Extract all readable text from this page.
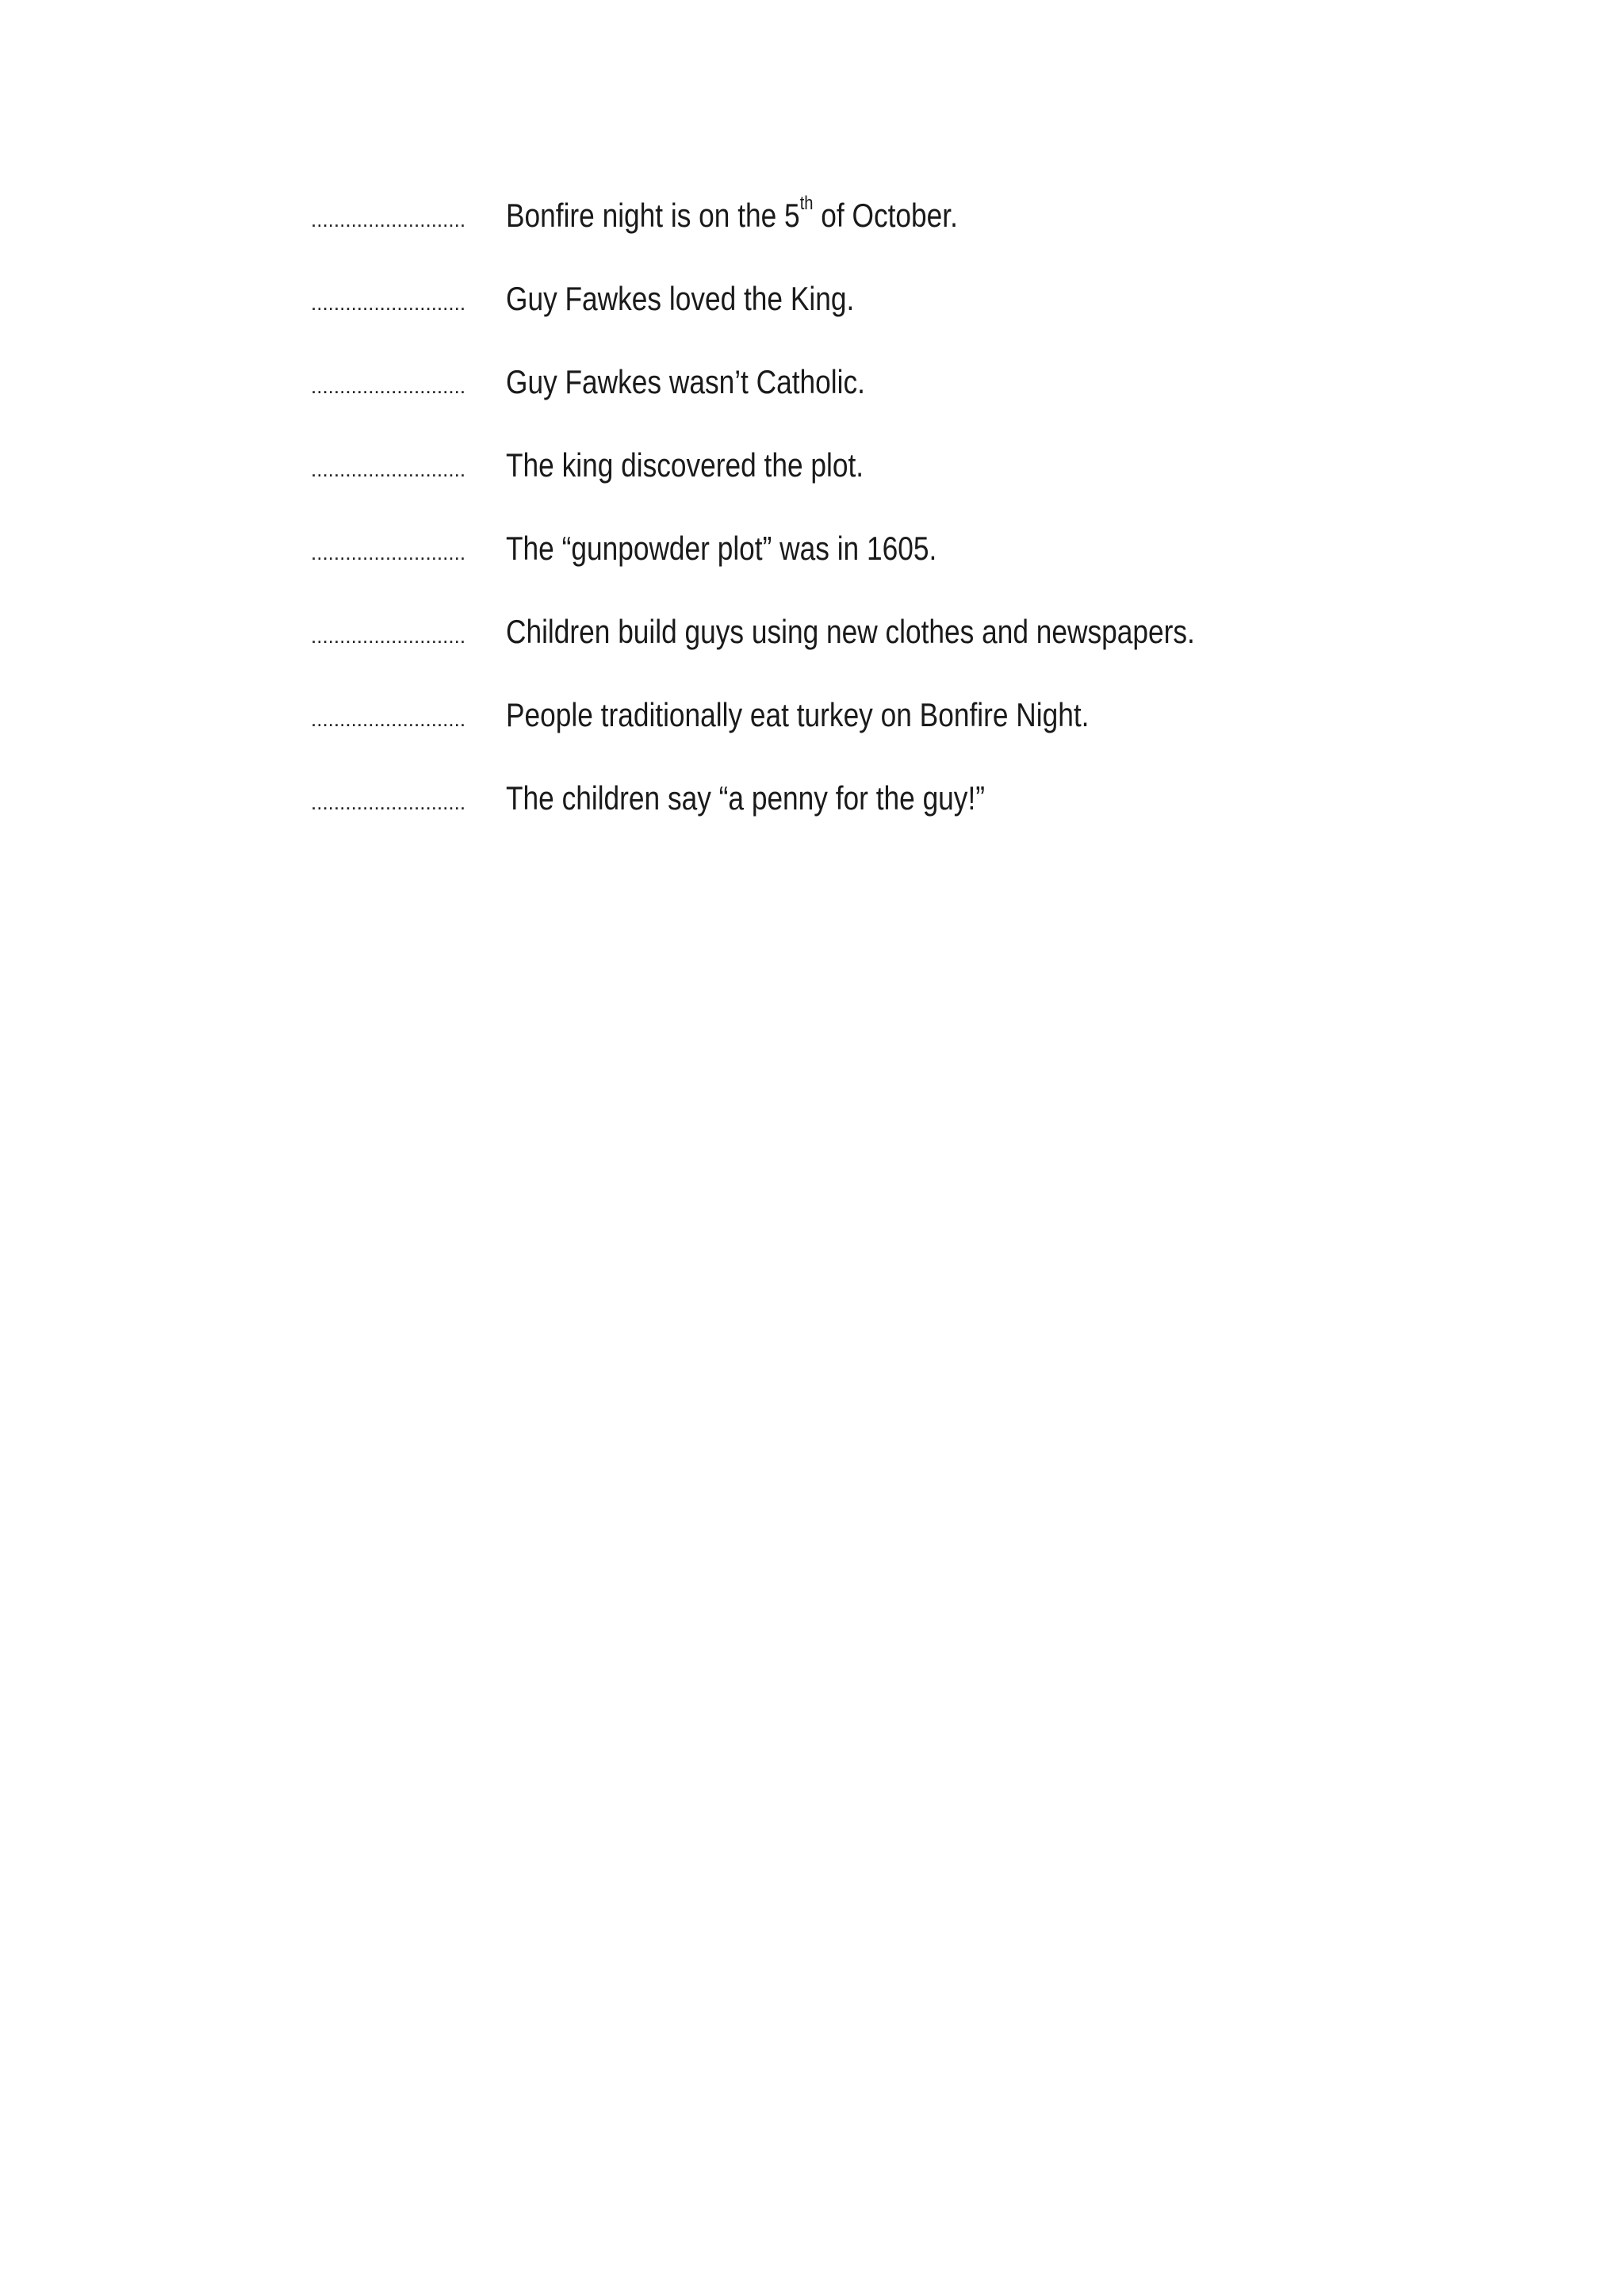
...........................	Bonfire night is on the 5th of October.
...........................	Guy Fawkes loved the King.
...........................	Guy Fawkes wasn’t Catholic.
...........................	The king discovered the plot.
...........................	The “gunpowder plot” was in 1605.
...........................	Children build guys using new clothes and newspapers.
...........................	People traditionally eat turkey on Bonfire Night.
...........................	The children say “a penny for the guy!”
